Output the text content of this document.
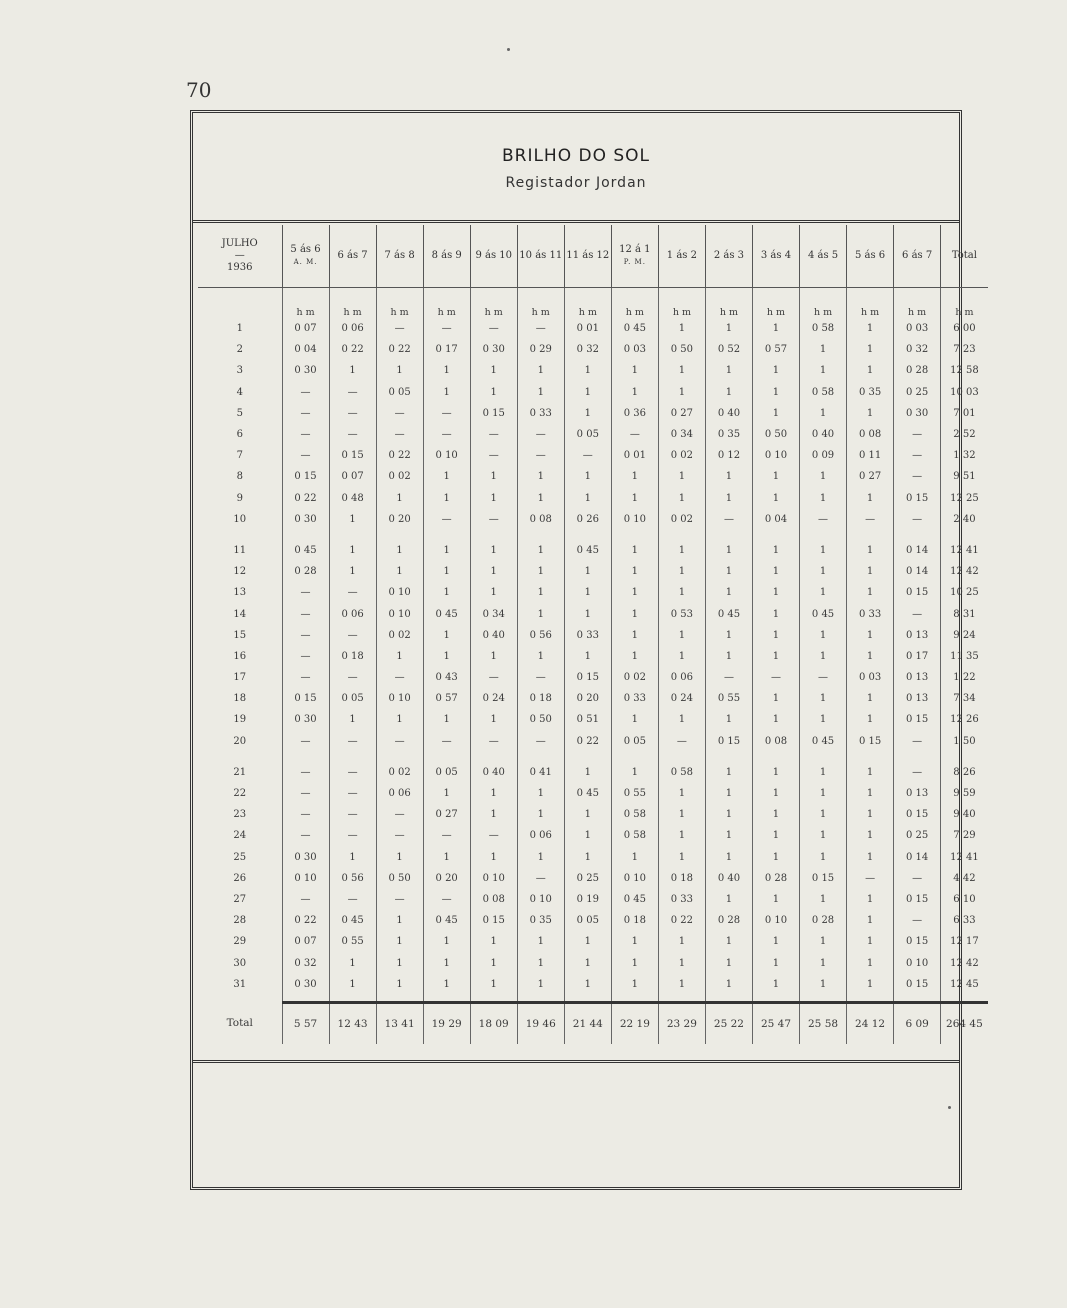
70
BRILHO DO SOL
Registador Jordan
JULHO
—
1936	5 ás 6
A. M.	6 ás 7	7 ás 8	8 ás 9	9 ás 10	10 ás 11	11 ás 12	12 á 1
P. M.	1 ás 2	2 ás 3	3 ás 4	4 ás 5	5 ás 6	6 ás 7	Total
	h m	h m	h m	h m	h m	h m	h m	h m	h m	h m	h m	h m	h m	h m	h m
1	0 07	0 06	—	—	—	—	0 01	0 45	1	1	1	0 58	1	0 03	6 00
2	0 04	0 22	0 22	0 17	0 30	0 29	0 32	0 03	0 50	0 52	0 57	1	1	0 32	7 23
3	0 30	1	1	1	1	1	1	1	1	1	1	1	1	0 28	12 58
4	—	—	0 05	1	1	1	1	1	1	1	1	0 58	0 35	0 25	10 03
5	—	—	—	—	0 15	0 33	1	0 36	0 27	0 40	1	1	1	0 30	7 01
6	—	—	—	—	—	—	0 05	—	0 34	0 35	0 50	0 40	0 08	—	2 52
7	—	0 15	0 22	0 10	—	—	—	0 01	0 02	0 12	0 10	0 09	0 11	—	1 32
8	0 15	0 07	0 02	1	1	1	1	1	1	1	1	1	0 27	—	9 51
9	0 22	0 48	1	1	1	1	1	1	1	1	1	1	1	0 15	12 25
10	0 30	1	0 20	—	—	0 08	0 26	0 10	0 02	—	0 04	—	—	—	2 40

11	0 45	1	1	1	1	1	0 45	1	1	1	1	1	1	0 14	12 41
12	0 28	1	1	1	1	1	1	1	1	1	1	1	1	0 14	12 42
13	—	—	0 10	1	1	1	1	1	1	1	1	1	1	0 15	10 25
14	—	0 06	0 10	0 45	0 34	1	1	1	0 53	0 45	1	0 45	0 33	—	8 31
15	—	—	0 02	1	0 40	0 56	0 33	1	1	1	1	1	1	0 13	9 24
16	—	0 18	1	1	1	1	1	1	1	1	1	1	1	0 17	11 35
17	—	—	—	0 43	—	—	0 15	0 02	0 06	—	—	—	0 03	0 13	1 22
18	0 15	0 05	0 10	0 57	0 24	0 18	0 20	0 33	0 24	0 55	1	1	1	0 13	7 34
19	0 30	1	1	1	1	0 50	0 51	1	1	1	1	1	1	0 15	12 26
20	—	—	—	—	—	—	0 22	0 05	—	0 15	0 08	0 45	0 15	—	1 50

21	—	—	0 02	0 05	0 40	0 41	1	1	0 58	1	1	1	1	—	8 26
22	—	—	0 06	1	1	1	0 45	0 55	1	1	1	1	1	0 13	9 59
23	—	—	—	0 27	1	1	1	0 58	1	1	1	1	1	0 15	9 40
24	—	—	—	—	—	0 06	1	0 58	1	1	1	1	1	0 25	7 29
25	0 30	1	1	1	1	1	1	1	1	1	1	1	1	0 14	12 41
26	0 10	0 56	0 50	0 20	0 10	—	0 25	0 10	0 18	0 40	0 28	0 15	—	—	4 42
27	—	—	—	—	0 08	0 10	0 19	0 45	0 33	1	1	1	1	0 15	6 10
28	0 22	0 45	1	0 45	0 15	0 35	0 05	0 18	0 22	0 28	0 10	0 28	1	—	6 33
29	0 07	0 55	1	1	1	1	1	1	1	1	1	1	1	0 15	12 17
30	0 32	1	1	1	1	1	1	1	1	1	1	1	1	0 10	12 42
31	0 30	1	1	1	1	1	1	1	1	1	1	1	1	0 15	12 45

Total	5 57	12 43	13 41	19 29	18 09	19 46	21 44	22 19	23 29	25 22	25 47	25 58	24 12	6 09	264 45
